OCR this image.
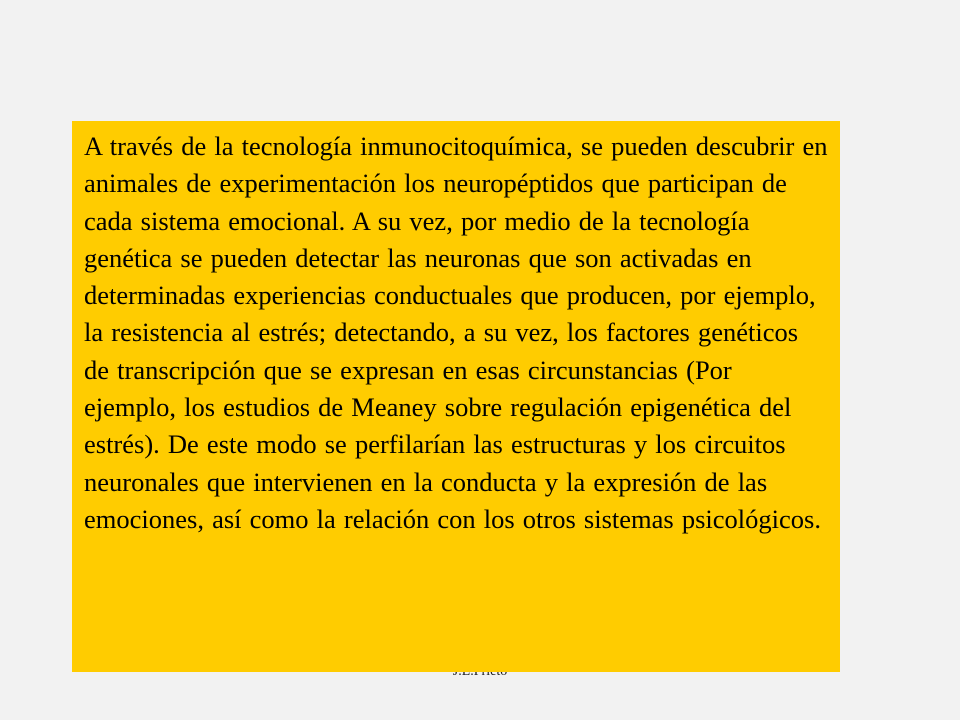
A través de la tecnología inmunocitoquímica, se pueden descubrir en animales de experimentación los neuropéptidos que participan de cada sistema emocional. A su vez, por medio de la tecnología genética se pueden detectar las neuronas que son activadas en determinadas experiencias conductuales que producen, por ejemplo, la resistencia al estrés; detectando, a su vez, los factores genéticos de transcripción que se expresan en esas circunstancias (Por ejemplo, los estudios de Meaney sobre regulación epigenética del estrés). De este modo se perfilarían las estructuras y los circuitos neuronales que intervienen en la conducta y la expresión de las emociones, así como la relación con los otros sistemas psicológicos.
